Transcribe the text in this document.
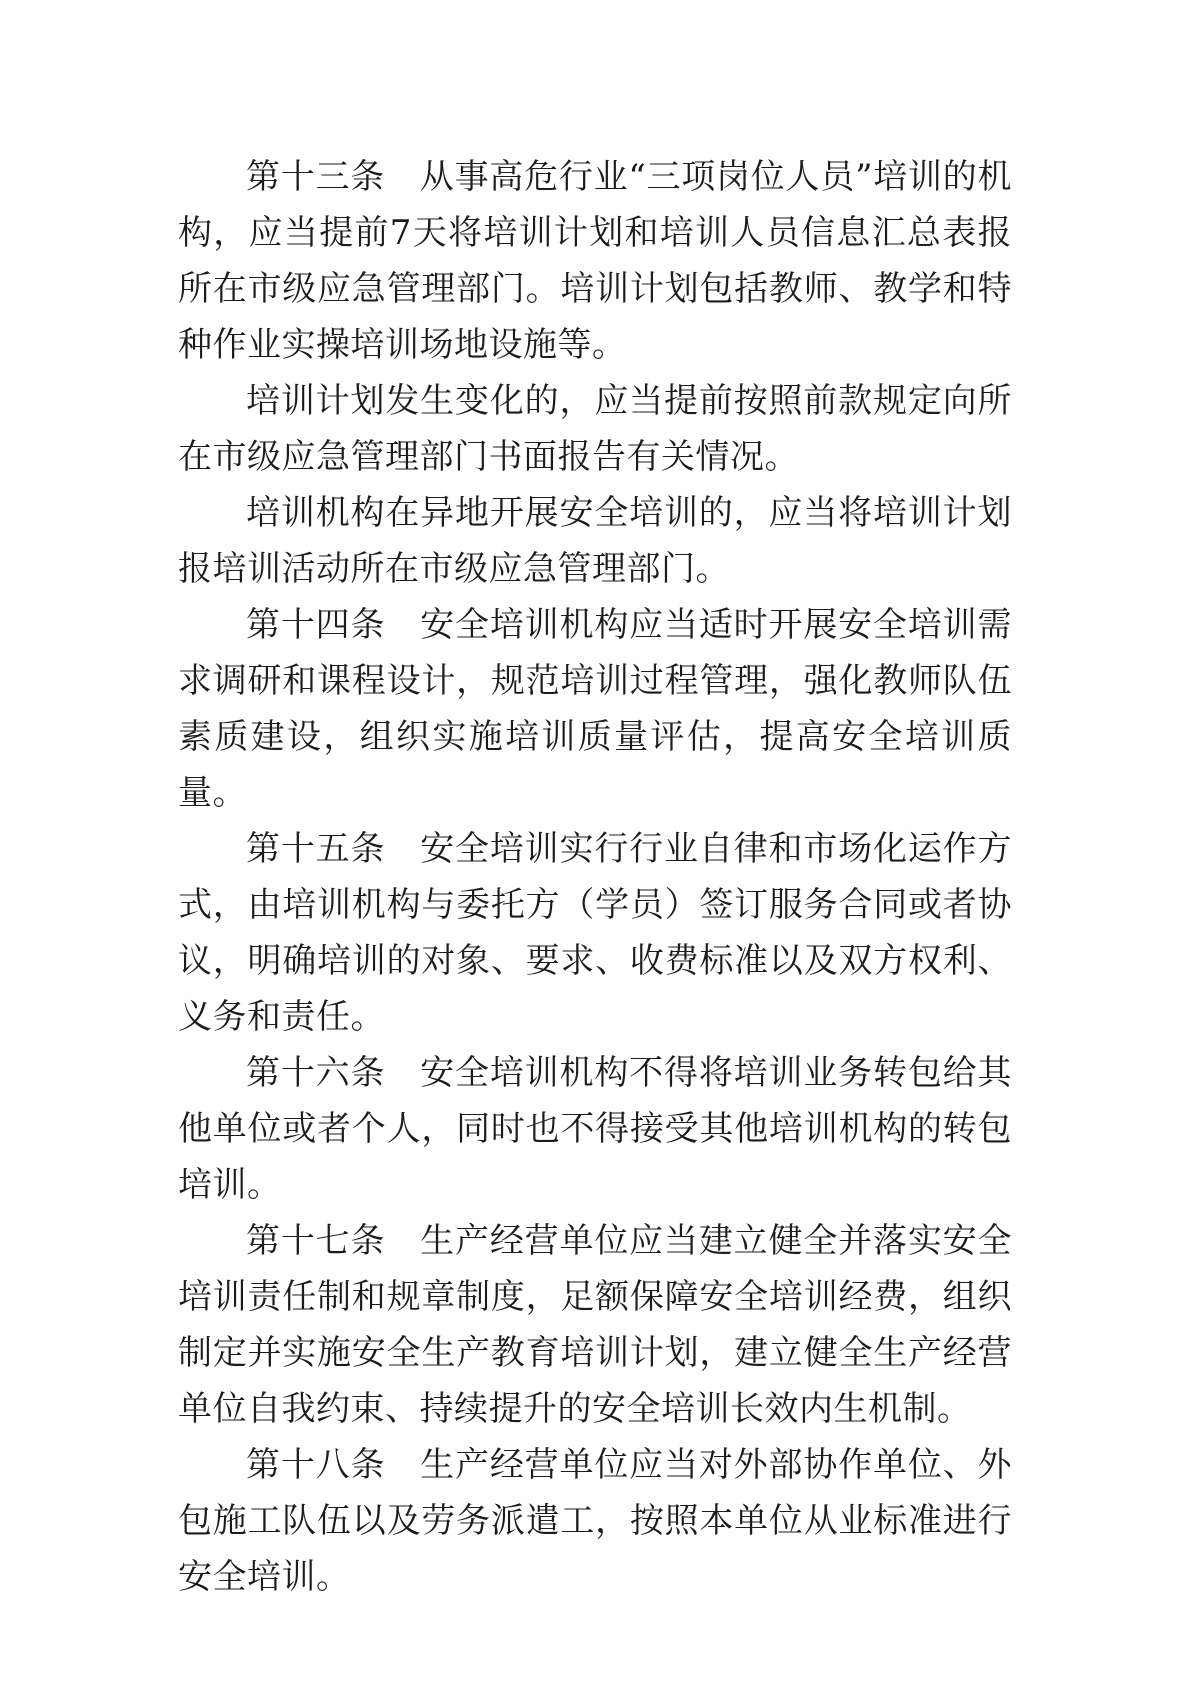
第十三条　从事高危行业“三项岗位人员”培训的机构，应当提前7天将培训计划和培训人员信息汇总表报所在市级应急管理部门。培训计划包括教师、教学和特种作业实操培训场地设施等。

培训计划发生变化的，应当提前按照前款规定向所在市级应急管理部门书面报告有关情况。

培训机构在异地开展安全培训的，应当将培训计划报培训活动所在市级应急管理部门。

第十四条　安全培训机构应当适时开展安全培训需求调研和课程设计，规范培训过程管理，强化教师队伍素质建设，组织实施培训质量评估，提高安全培训质量。

第十五条　安全培训实行行业自律和市场化运作方式，由培训机构与委托方（学员）签订服务合同或者协议，明确培训的对象、要求、收费标准以及双方权利、义务和责任。

第十六条　安全培训机构不得将培训业务转包给其他单位或者个人，同时也不得接受其他培训机构的转包培训。

第十七条　生产经营单位应当建立健全并落实安全培训责任制和规章制度，足额保障安全培训经费，组织制定并实施安全生产教育培训计划，建立健全生产经营单位自我约束、持续提升的安全培训长效内生机制。

第十八条　生产经营单位应当对外部协作单位、外包施工队伍以及劳务派遣工，按照本单位从业标准进行安全培训。
